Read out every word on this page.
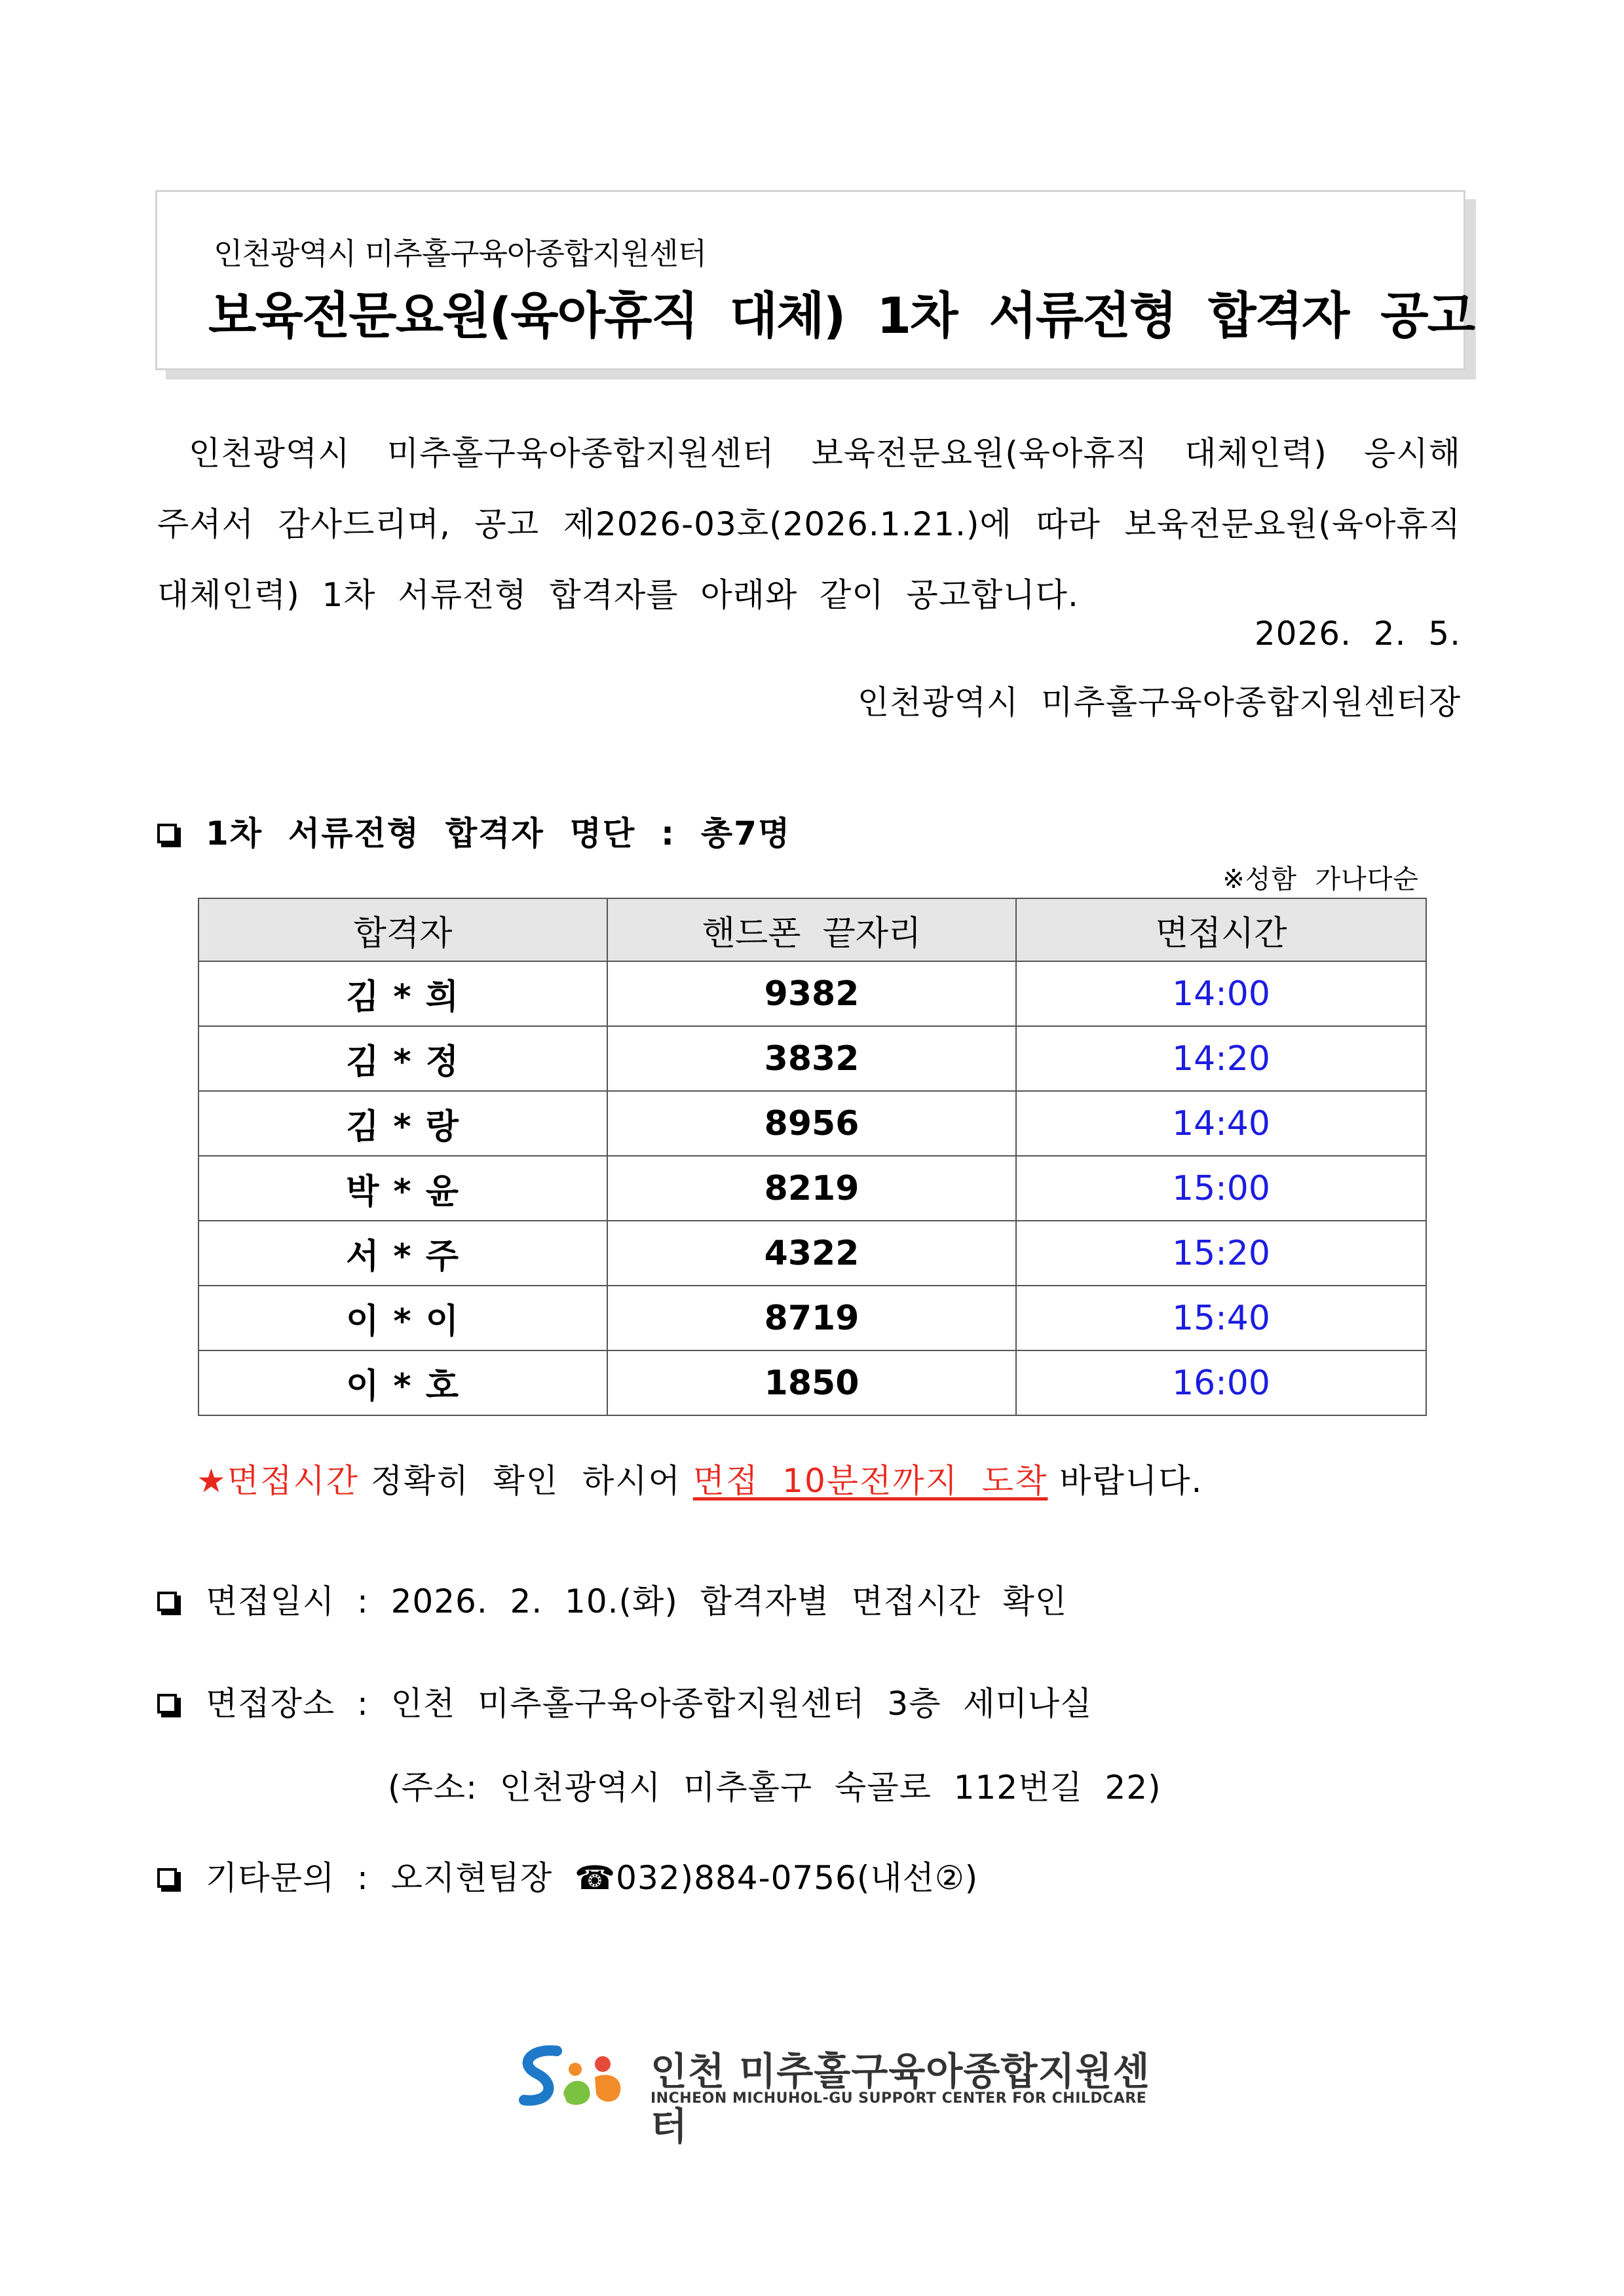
인천광역시 미추홀구육아종합지원센터
보육전문요원(육아휴직  대체)  1차  서류전형  합격자  공고
인천광역시 미추홀구육아종합지원센터 보육전문요원(육아휴직 대체인력) 응시해
주셔서 감사드리며, 공고 제2026-03호(2026.1.21.)에 따라 보육전문요원(육아휴직
대체인력)  1차  서류전형  합격자를  아래와  같이  공고합니다.
2026.  2.  5.
인천광역시  미추홀구육아종합지원센터장
1차  서류전형  합격자  명단  :  총7명
※성함  가나다순
합격자	핸드폰  끝자리	면접시간
김 * 희	9382	14:00
김 * 정	3832	14:20
김 * 랑	8956	14:40
박 * 윤	8219	15:00
서 * 주	4322	15:20
이 * 이	8719	15:40
이 * 호	1850	16:00
★면접시간 정확히  확인  하시어 면접  10분전까지  도착 바랍니다.
면접일시  :  2026.  2.  10.(화)  합격자별  면접시간  확인
면접장소  :  인천  미추홀구육아종합지원센터  3층  세미나실
(주소:  인천광역시  미추홀구  숙골로  112번길  22)
기타문의  :  오지현팀장  ☎032)884-0756(내선②)
인천 미추홀구육아종합지원센터
INCHEON MICHUHOL-GU SUPPORT CENTER FOR CHILDCARE
